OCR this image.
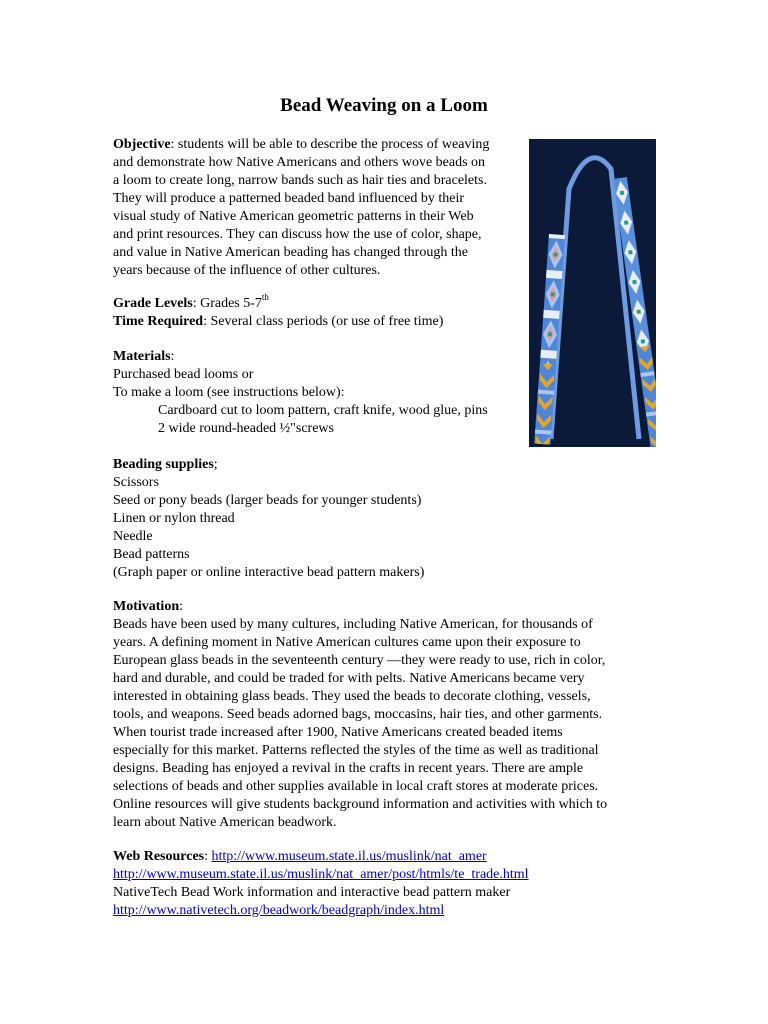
Bead Weaving on a Loom
Objective: students will be able to describe the process of weaving
and demonstrate how Native Americans and others wove beads on
a loom to create long, narrow bands such as hair ties and bracelets.
They will produce a patterned beaded band influenced by their
visual study of Native American geometric patterns in their Web
and print resources. They can discuss how the use of color, shape,
and value in Native American beading has changed through the
years because of the influence of other cultures.
Grade Levels: Grades 5-7th
Time Required: Several class periods (or use of free time)
Materials:
Purchased bead looms or
To make a loom (see instructions below):
Cardboard cut to loom pattern, craft knife, wood glue, pins
2 wide round-headed ½"screws
Beading supplies;
Scissors
Seed or pony beads (larger beads for younger students)
Linen or nylon thread
Needle
Bead patterns
(Graph paper or online interactive bead pattern makers)
Motivation:
Beads have been used by many cultures, including Native American, for thousands of
years. A defining moment in Native American cultures came upon their exposure to
European glass beads in the seventeenth century —they were ready to use, rich in color,
hard and durable, and could be traded for with pelts. Native Americans became very
interested in obtaining glass beads. They used the beads to decorate clothing, vessels,
tools, and weapons. Seed beads adorned bags, moccasins, hair ties, and other garments.
When tourist trade increased after 1900, Native Americans created beaded items
especially for this market. Patterns reflected the styles of the time as well as traditional
designs. Beading has enjoyed a revival in the crafts in recent years. There are ample
selections of beads and other supplies available in local craft stores at moderate prices.
Online resources will give students background information and activities with which to
learn about Native American beadwork.
Web Resources: http://www.museum.state.il.us/muslink/nat_amer
http://www.museum.state.il.us/muslink/nat_amer/post/htmls/te_trade.html
NativeTech Bead Work information and interactive bead pattern maker
http://www.nativetech.org/beadwork/beadgraph/index.html
